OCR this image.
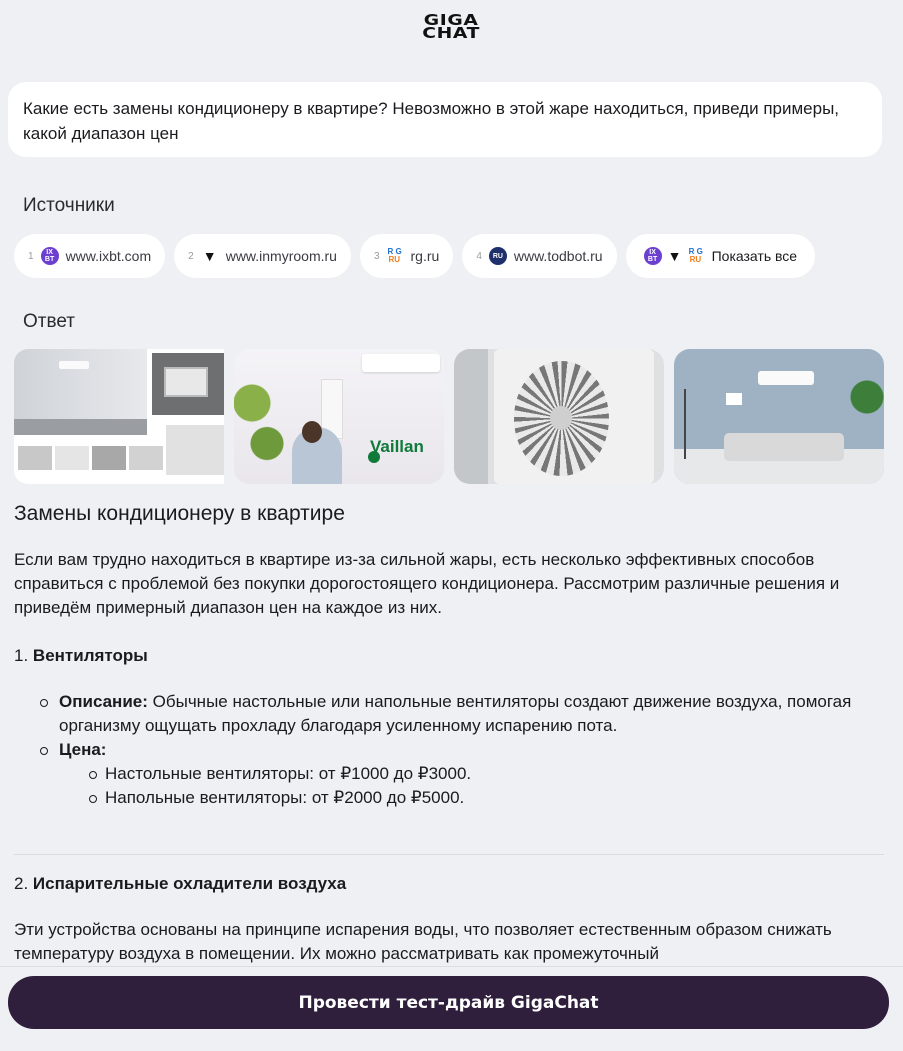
GIGA
CHAT
Какие есть замены кондиционеру в квартире? Невозможно в этой жаре находиться, приведи примеры, какой диапазон цен
Источники
1	IX
BT www.ixbt.com	2 ▼ www.inmyroom.ru	3 R G
RU rg.ru	4	RU www.todbot.ru	IX
BT ▼ R G
RU Показать все
Ответ
Vaillan
Замены кондиционеру в квартире
Если вам трудно находиться в квартире из-за сильной жары, есть несколько эффективных способов справиться с проблемой без покупки дорогостоящего кондиционера. Рассмотрим различные решения и приведём примерный диапазон цен на каждое из них.
1. Вентиляторы
Описание: Обычные настольные или напольные вентиляторы создают движение воздуха, помогая организму ощущать прохладу благодаря усиленному испарению пота.
Цена:
Настольные вентиляторы: от ₽1000 до ₽3000.
Напольные вентиляторы: от ₽2000 до ₽5000.
2. Испарительные охладители воздуха
Эти устройства основаны на принципе испарения воды, что позволяет естественным образом снижать температуру воздуха в помещении. Их можно рассматривать как промежуточный
Провести тест-драйв GigaChat
